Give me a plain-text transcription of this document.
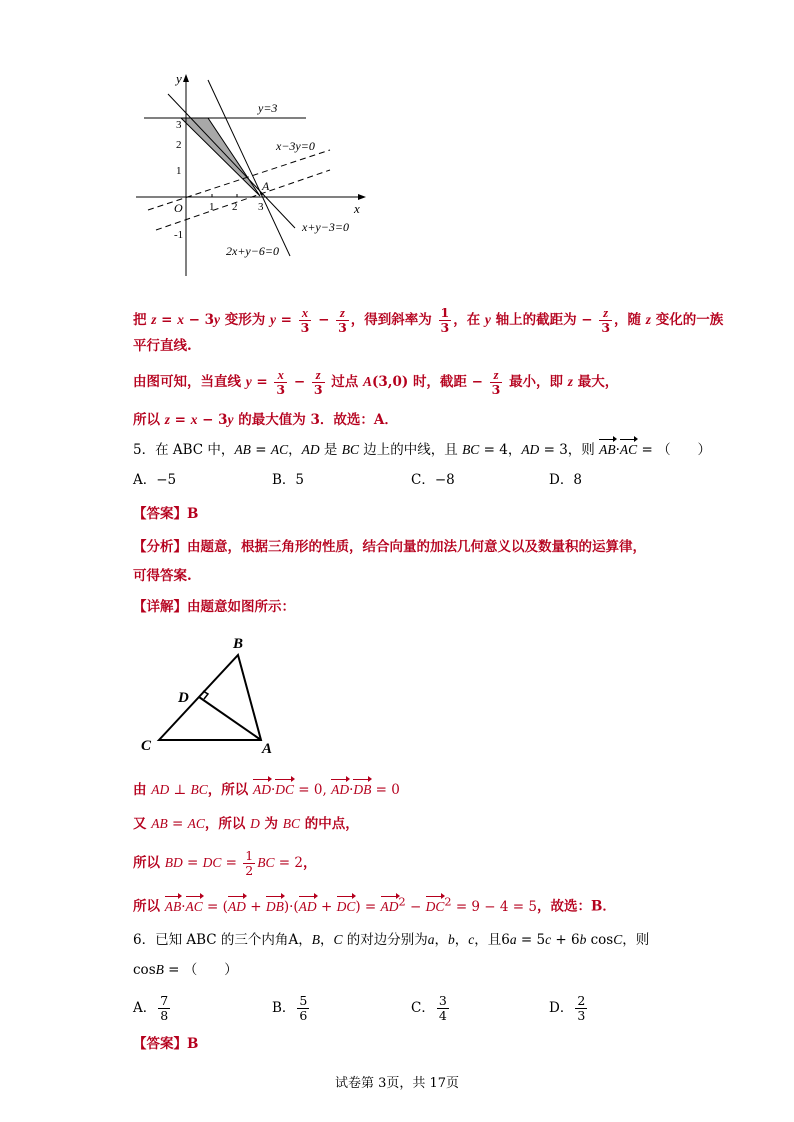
y
x
O 1 2 3
3
2
1
-1
y=3
x−3y=0
x+y−3=0
2x+y−6=0
A
把 z = x − 3y 变形为 $y = \frac{x}{3} - \frac{z}{3}$ ，得到斜率为 $\frac{1}{3}$ ，在 y 轴上的截距为 − $\frac{z}{3}$ ，随 z 变化的一族
平行直线.
由图可知，当直线 $y = \frac{x}{3} - \frac{z}{3}$ 过点 A(3,0) 时，截距 − $\frac{z}{3}$ 最小，即 z 最大，
所以 z = x − 3y 的最大值为 3．故选：A．
5．在 ABC 中，AB = AC，AD 是 BC 边上的中线，且 BC = 4，AD = 3，则 AB·AC = （　　）
A．−5	B．5	C．−8	D．8
【答案】B
【分析】由题意，根据三角形的性质，结合向量的加法几何意义以及数量积的运算律，
可得答案.
【详解】由题意如图所示：
B
D
C	A
由 AD ⊥ BC，所以 AD·DC = 0, AD·DB = 0
又 AB = AC，所以 D 为 BC 的中点，
所以 BD = DC = $\frac{1}{2}$ BC = 2，
所以 $AB\cdot AC = (AD + DB)\cdot(AD + DC) = AD^2 - DC^2 = 9 - 4 = 5$，故选：B．
6．已知 ABC 的三个内角A，B，C 的对边分别为a，b，c，且6a = 5c + 6b cosC，则
cosB = （　　）
A． $\frac{7}{8}$	B． $\frac{5}{6}$	C． $\frac{3}{4}$	D． $\frac{2}{3}$
【答案】B
试卷第 3页，共 17页
